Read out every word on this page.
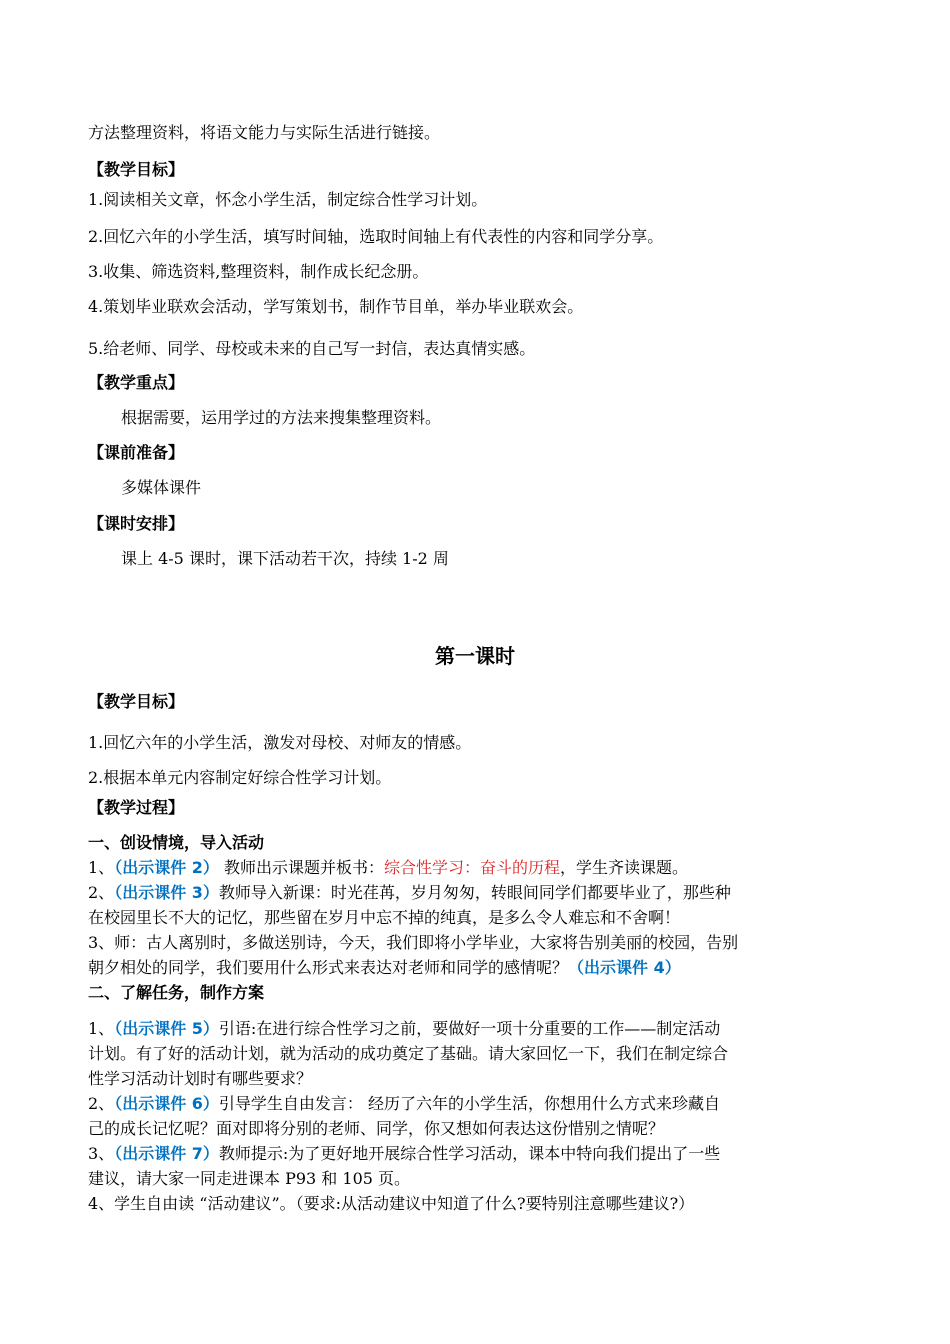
方法整理资料，将语文能力与实际生活进行链接。
【教学目标】
1.阅读相关文章，怀念小学生活，制定综合性学习计划。
2.回忆六年的小学生活，填写时间轴，选取时间轴上有代表性的内容和同学分享。
3.收集、筛选资料,整理资料，制作成长纪念册。
4.策划毕业联欢会活动，学写策划书，制作节目单，举办毕业联欢会。
5.给老师、同学、母校或未来的自己写一封信，表达真情实感。
【教学重点】
根据需要，运用学过的方法来搜集整理资料。
【课前准备】
多媒体课件
【课时安排】
课上 4-5 课时，课下活动若干次，持续 1-2 周
第一课时
【教学目标】
1.回忆六年的小学生活，激发对母校、对师友的情感。
2.根据本单元内容制定好综合性学习计划。
【教学过程】
一、创设情境，导入活动
1、（出示课件 2） 教师出示课题并板书：综合性学习：奋斗的历程，学生齐读课题。
2、（出示课件 3）教师导入新课：时光荏苒，岁月匆匆，转眼间同学们都要毕业了，那些种
在校园里长不大的记忆，那些留在岁月中忘不掉的纯真，是多么令人难忘和不舍啊！
3、师：古人离别时，多做送别诗，今天，我们即将小学毕业，大家将告别美丽的校园，告别
朝夕相处的同学，我们要用什么形式来表达对老师和同学的感情呢？（出示课件 4）
二、了解任务，制作方案
1、（出示课件 5）引语:在进行综合性学习之前，要做好一项十分重要的工作——制定活动
计划。有了好的活动计划，就为活动的成功奠定了基础。请大家回忆一下，我们在制定综合
性学习活动计划时有哪些要求？
2、（出示课件 6）引导学生自由发言： 经历了六年的小学生活，你想用什么方式来珍藏自
己的成长记忆呢？面对即将分别的老师、同学，你又想如何表达这份惜别之情呢？
3、（出示课件 7）教师提示:为了更好地开展综合性学习活动，课本中特向我们提出了一些
建议，请大家一同走进课本 P93 和 105 页。
4、学生自由读 “活动建议”。（要求:从活动建议中知道了什么?要特别注意哪些建议?）
